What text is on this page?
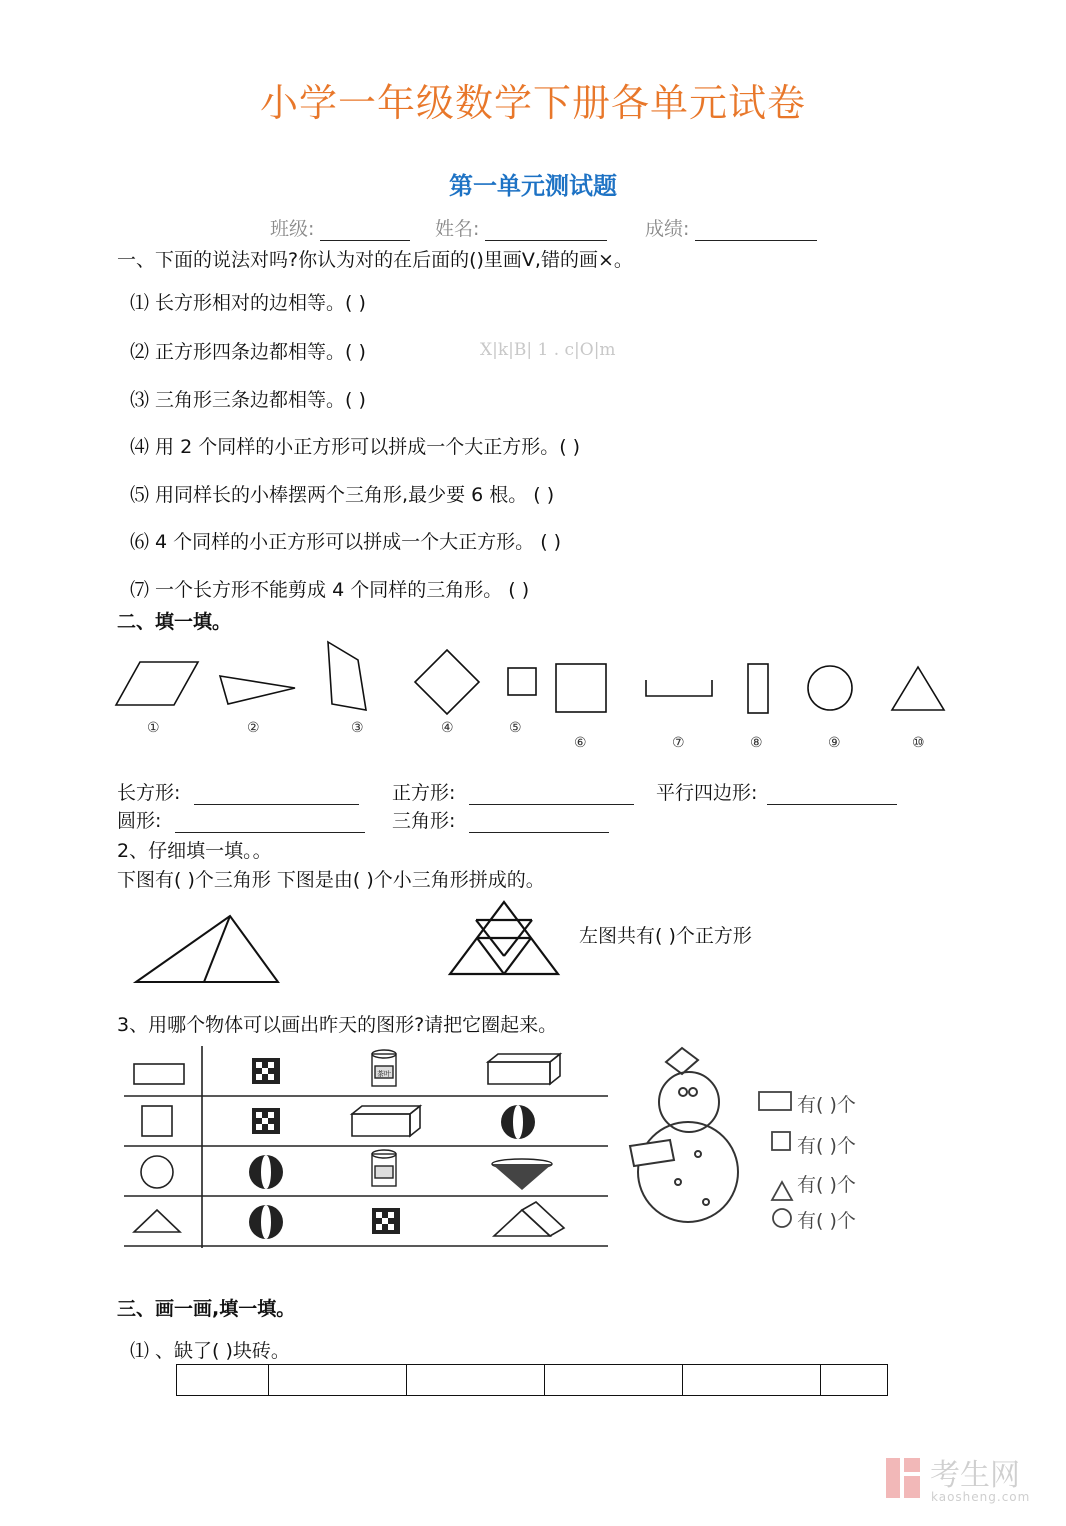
小学一年级数学下册各单元试卷
第一单元测试题
班级:	姓名:	成绩:
一、下面的说法对吗?你认为对的在后面的()里画V,错的画×。
⑴ 长方形相对的边相等。( )
⑵ 正方形四条边都相等。( )	X|k|B| 1 . c|O|m
⑶ 三角形三条边都相等。( )
⑷ 用 2 个同样的小正方形可以拼成一个大正方形。( )
⑸ 用同样长的小棒摆两个三角形,最少要 6 根。 ( )
⑹ 4 个同样的小正方形可以拼成一个大正方形。 ( )
⑺ 一个长方形不能剪成 4 个同样的三角形。 ( )
二、填一填。
①	②	③	④	⑤
⑥	⑦	⑧	⑨	⑩
长方形:	正方形:	平行四边形:
圆形:	三角形:
2、仔细填一填。。
下图有( )个三角形 下图是由( )个小三角形拼成的。
左图共有( )个正方形
3、用哪个物体可以画出昨天的图形?请把它圈起来。
茶叶
有( )个
有( )个
有( )个
有( )个
三、画一画,填一填。
⑴ 、缺了( )块砖。
考生网
kaosheng.com
